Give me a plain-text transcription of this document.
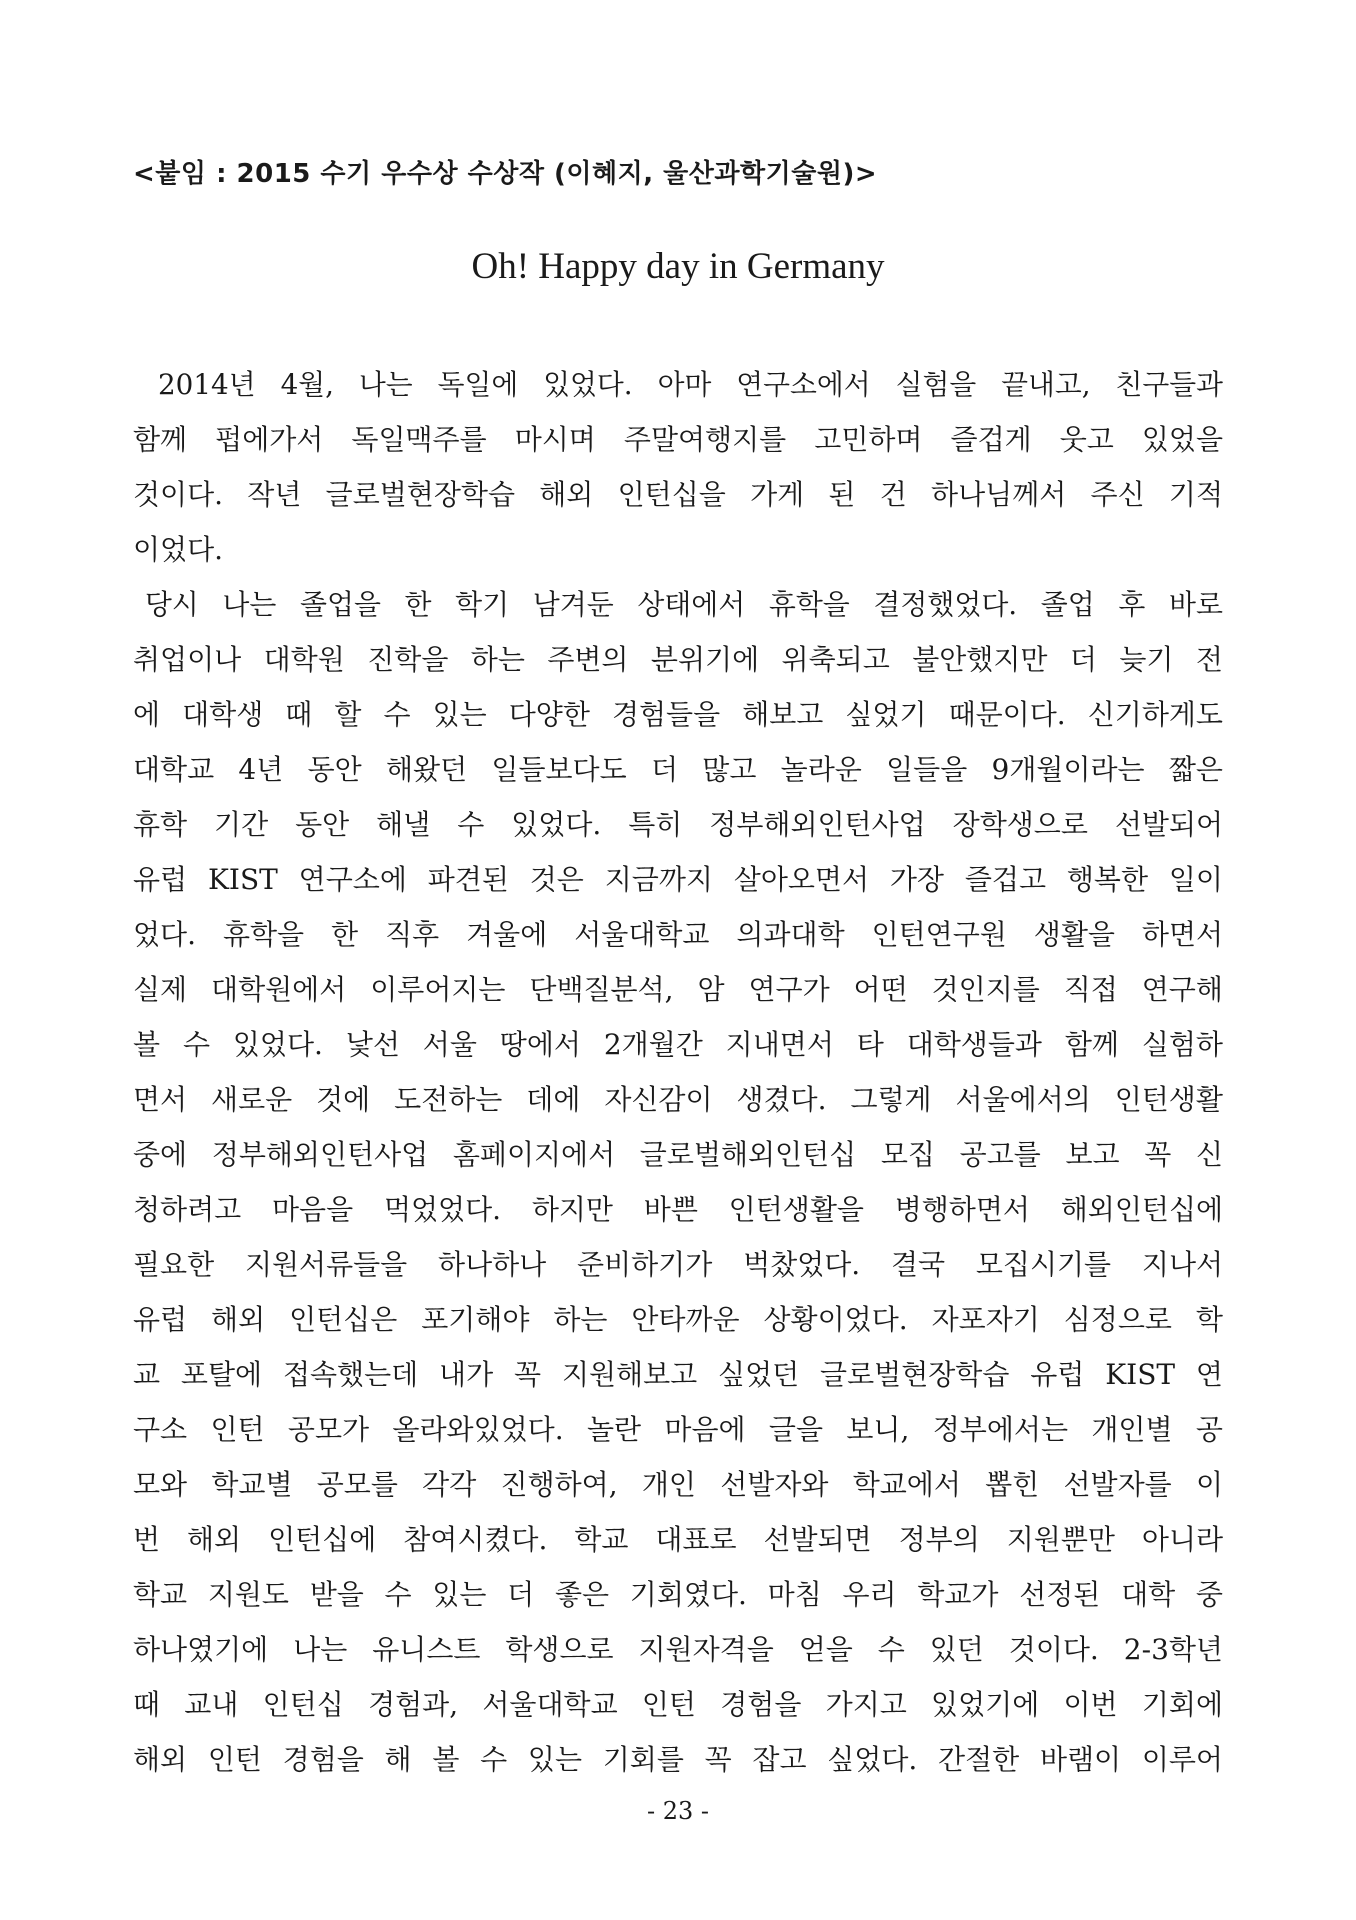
<붙임 : 2015 수기 우수상 수상작 (이혜지, 울산과학기술원)>
Oh! Happy day in Germany
2014년  4월,  나는  독일에  있었다.  아마  연구소에서  실험을  끝내고,  친구들과
함께  펍에가서  독일맥주를  마시며  주말여행지를  고민하며  즐겁게  웃고  있었을
것이다.  작년  글로벌현장학습  해외  인턴십을  가게  된  건  하나님께서  주신  기적
이었다.
당시  나는  졸업을  한  학기  남겨둔  상태에서  휴학을  결정했었다.  졸업  후  바로
취업이나  대학원  진학을  하는  주변의  분위기에  위축되고  불안했지만  더  늦기  전
에  대학생  때  할  수  있는  다양한  경험들을  해보고  싶었기  때문이다.  신기하게도
대학교  4년  동안  해왔던  일들보다도  더  많고  놀라운  일들을  9개월이라는  짧은
휴학  기간  동안  해낼  수  있었다.  특히  정부해외인턴사업  장학생으로  선발되어
유럽  KIST  연구소에  파견된  것은  지금까지  살아오면서  가장  즐겁고  행복한  일이
었다.  휴학을  한  직후  겨울에  서울대학교  의과대학  인턴연구원  생활을  하면서
실제  대학원에서  이루어지는  단백질분석,  암  연구가  어떤  것인지를  직접  연구해
볼  수  있었다.  낯선  서울  땅에서  2개월간  지내면서  타  대학생들과  함께  실험하
면서  새로운  것에  도전하는  데에  자신감이  생겼다.  그렇게  서울에서의  인턴생활
중에  정부해외인턴사업  홈페이지에서  글로벌해외인턴십  모집  공고를  보고  꼭  신
청하려고  마음을  먹었었다.  하지만  바쁜  인턴생활을  병행하면서  해외인턴십에
필요한  지원서류들을  하나하나  준비하기가  벅찼었다.  결국  모집시기를  지나서
유럽  해외  인턴십은  포기해야  하는  안타까운  상황이었다.  자포자기  심정으로  학
교  포탈에  접속했는데  내가  꼭  지원해보고  싶었던  글로벌현장학습  유럽  KIST  연
구소  인턴  공모가  올라와있었다.  놀란  마음에  글을  보니,  정부에서는  개인별  공
모와  학교별  공모를  각각  진행하여,  개인  선발자와  학교에서  뽑힌  선발자를  이
번  해외  인턴십에  참여시켰다.  학교  대표로  선발되면  정부의  지원뿐만  아니라
학교  지원도  받을  수  있는  더  좋은  기회였다.  마침  우리  학교가  선정된  대학  중
하나였기에  나는  유니스트  학생으로  지원자격을  얻을  수  있던  것이다.  2-3학년
때  교내  인턴십  경험과,  서울대학교  인턴  경험을  가지고  있었기에  이번  기회에
해외  인턴  경험을  해  볼  수  있는  기회를  꼭  잡고  싶었다.  간절한  바램이  이루어
- 23 -
